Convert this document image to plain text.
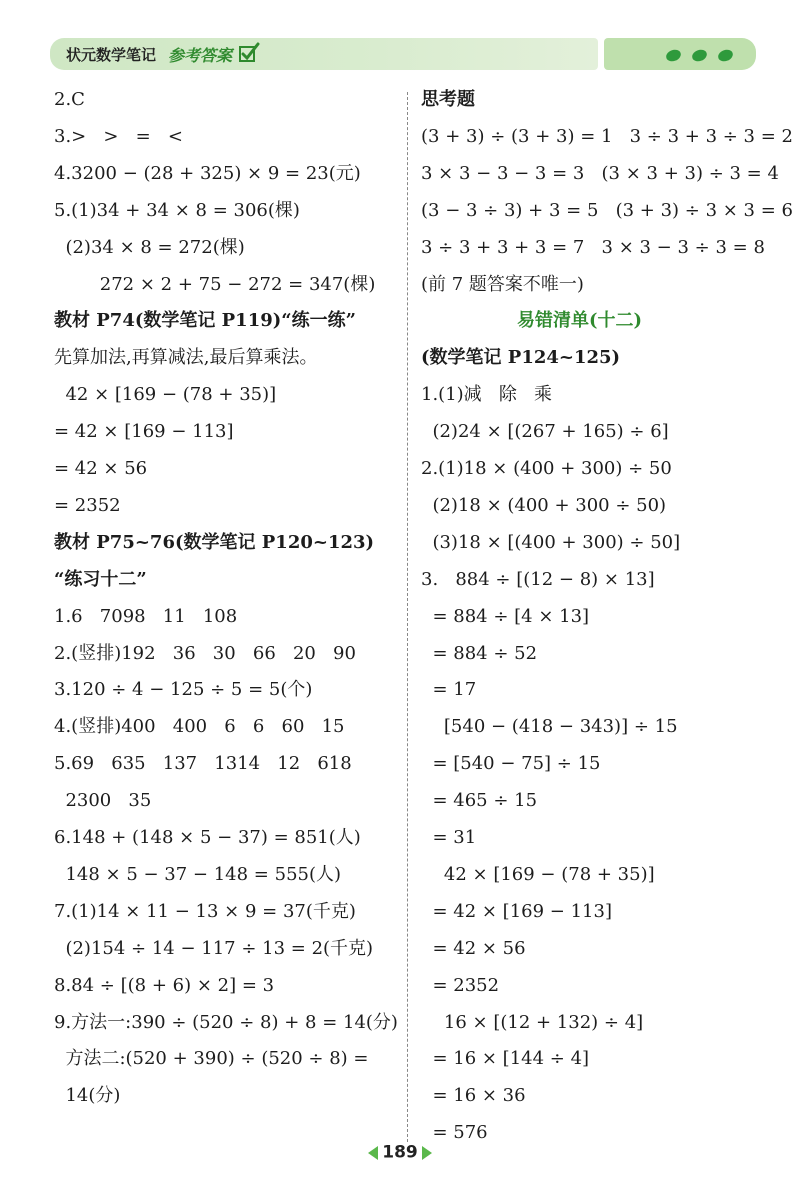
状元数学笔记 参考答案
2.C
3.>   >   =   <
4.3200 − (28 + 325) × 9 = 23(元)
5.(1)34 + 34 × 8 = 306(棵)
(2)34 × 8 = 272(棵)
272 × 2 + 75 − 272 = 347(棵)
教材 P74(数学笔记 P119)“练一练”
先算加法,再算减法,最后算乘法。
42 × [169 − (78 + 35)]
= 42 × [169 − 113]
= 42 × 56
= 2352
教材 P75~76(数学笔记 P120~123)
“练习十二”
1.6   7098   11   108
2.(竖排)192   36   30   66   20   90
3.120 ÷ 4 − 125 ÷ 5 = 5(个)
4.(竖排)400   400   6   6   60   15
5.69   635   137   1314   12   618
2300   35
6.148 + (148 × 5 − 37) = 851(人)
148 × 5 − 37 − 148 = 555(人)
7.(1)14 × 11 − 13 × 9 = 37(千克)
(2)154 ÷ 14 − 117 ÷ 13 = 2(千克)
8.84 ÷ [(8 + 6) × 2] = 3
9.方法一:390 ÷ (520 ÷ 8) + 8 = 14(分)
方法二:(520 + 390) ÷ (520 ÷ 8) =
14(分)
思考题
(3 + 3) ÷ (3 + 3) = 1   3 ÷ 3 + 3 ÷ 3 = 2
3 × 3 − 3 − 3 = 3   (3 × 3 + 3) ÷ 3 = 4
(3 − 3 ÷ 3) + 3 = 5   (3 + 3) ÷ 3 × 3 = 6
3 ÷ 3 + 3 + 3 = 7   3 × 3 − 3 ÷ 3 = 8
(前 7 题答案不唯一)
易错清单(十二)
(数学笔记 P124~125)
1.(1)减   除   乘
(2)24 × [(267 + 165) ÷ 6]
2.(1)18 × (400 + 300) ÷ 50
(2)18 × (400 + 300 ÷ 50)
(3)18 × [(400 + 300) ÷ 50]
3.   884 ÷ [(12 − 8) × 13]
= 884 ÷ [4 × 13]
= 884 ÷ 52
= 17
[540 − (418 − 343)] ÷ 15
= [540 − 75] ÷ 15
= 465 ÷ 15
= 31
42 × [169 − (78 + 35)]
= 42 × [169 − 113]
= 42 × 56
= 2352
16 × [(12 + 132) ÷ 4]
= 16 × [144 ÷ 4]
= 16 × 36
= 576
189
